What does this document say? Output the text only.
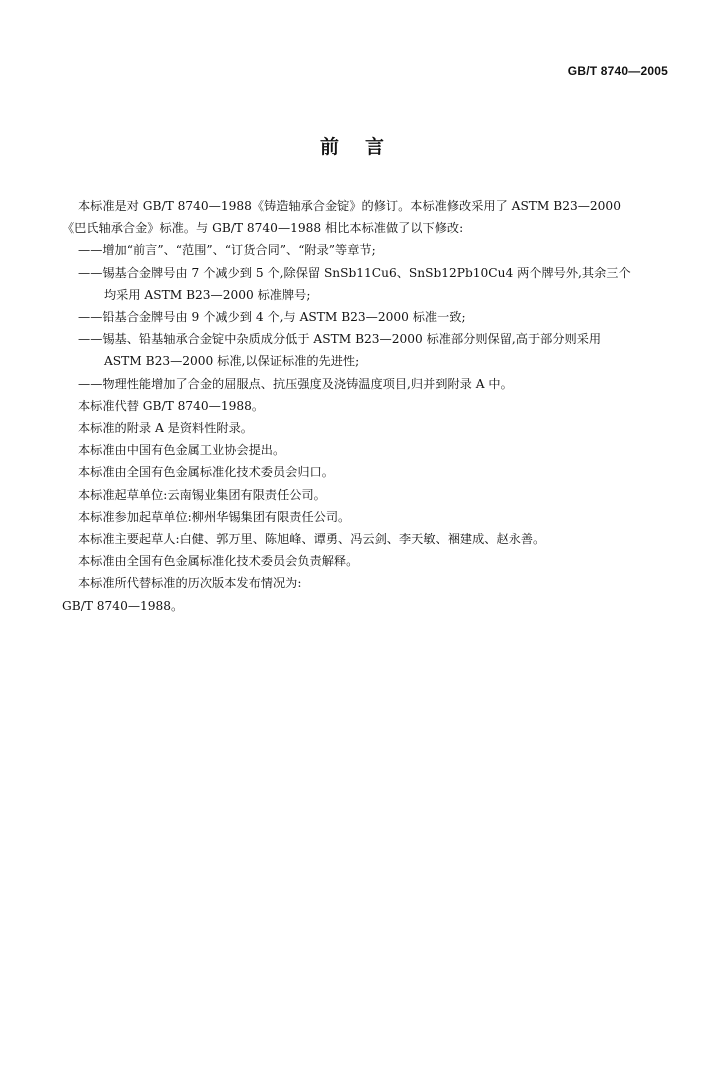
GB/T 8740—2005
前言

本标准是对 GB/T 8740—1988《铸造轴承合金锭》的修订。本标准修改采用了 ASTM B23—2000

《巴氏轴承合金》标准。与 GB/T 8740—1988 相比本标准做了以下修改:

——增加“前言”、“范围”、“订货合同”、“附录”等章节;

——锡基合金牌号由 7 个减少到 5 个,除保留 SnSb11Cu6、SnSb12Pb10Cu4 两个牌号外,其余三个

均采用 ASTM B23—2000 标准牌号;

——铅基合金牌号由 9 个减少到 4 个,与 ASTM B23—2000 标准一致;

——锡基、铅基轴承合金锭中杂质成分低于 ASTM B23—2000 标准部分则保留,高于部分则采用

ASTM B23—2000 标准,以保证标准的先进性;

——物理性能增加了合金的屈服点、抗压强度及浇铸温度项目,归并到附录 A 中。

本标准代替 GB/T 8740—1988。

本标准的附录 A 是资料性附录。

本标准由中国有色金属工业协会提出。

本标准由全国有色金属标准化技术委员会归口。

本标准起草单位:云南锡业集团有限责任公司。

本标准参加起草单位:柳州华锡集团有限责任公司。

本标准主要起草人:白健、郭万里、陈旭峰、谭勇、冯云剑、李天敏、裍建成、赵永善。

本标准由全国有色金属标准化技术委员会负责解释。

本标准所代替标准的历次版本发布情况为:

GB/T 8740—1988。
